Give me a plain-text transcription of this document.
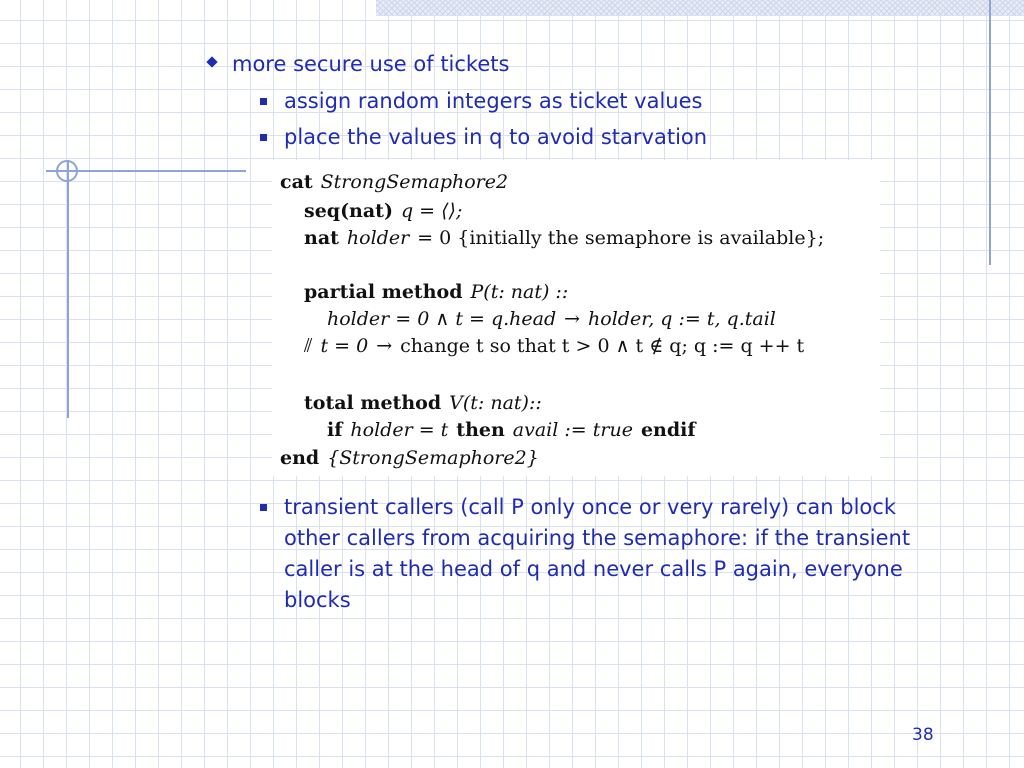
more secure use of tickets
assign random integers as ticket values
place the values in q to avoid starvation
cat StrongSemaphore2
seq(nat) q = ⟨⟩;
nat holder = 0 {initially the semaphore is available};
partial method P(t: nat) ::
holder = 0 ∧ t = q.head → holder, q := t, q.tail
⫽ t = 0 → change t so that t > 0 ∧ t ∉ q; q := q ++ t
total method V(t: nat)::
if holder = t then avail := true endif
end {StrongSemaphore2}
transient callers (call P only once or very rarely) can block
other callers from acquiring the semaphore: if the transient
caller is at the head of q and never calls P again, everyone
blocks
38
